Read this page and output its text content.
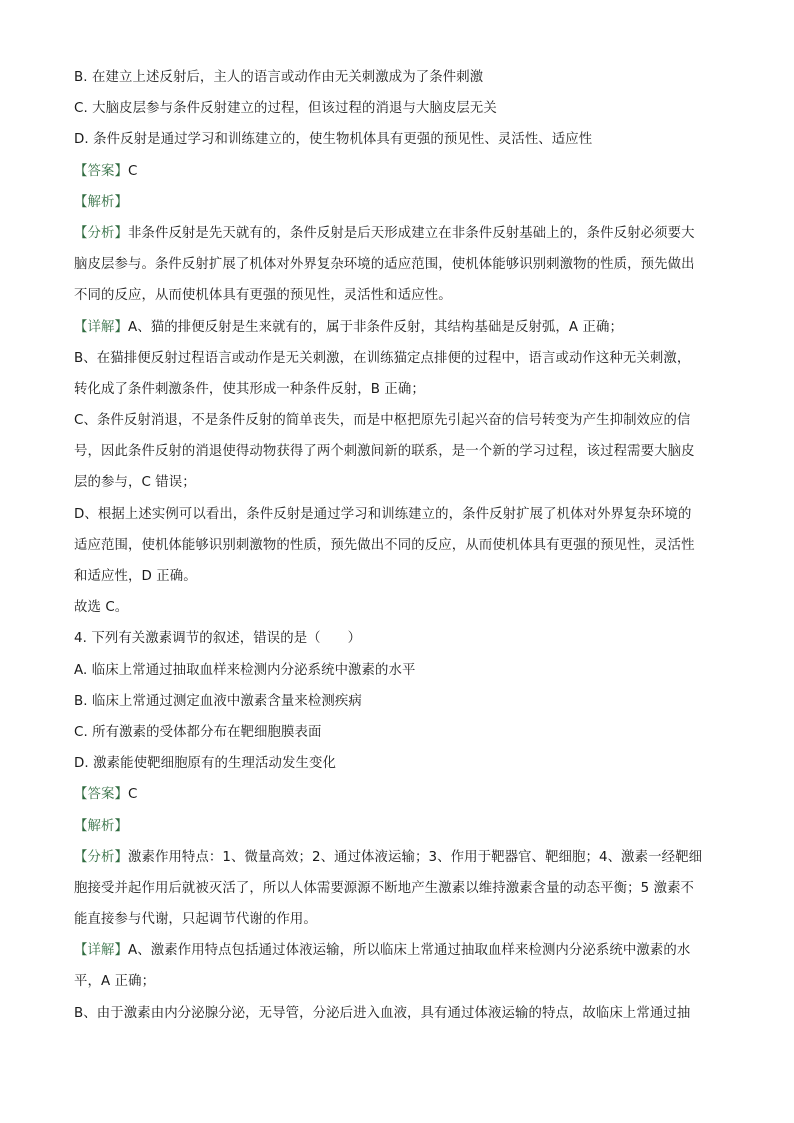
B. 在建立上述反射后，主人的语言或动作由无关刺激成为了条件刺激
C. 大脑皮层参与条件反射建立的过程，但该过程的消退与大脑皮层无关
D. 条件反射是通过学习和训练建立的，使生物机体具有更强的预见性、灵活性、适应性
【答案】C
【解析】
【分析】非条件反射是先天就有的，条件反射是后天形成建立在非条件反射基础上的，条件反射必须要大
脑皮层参与。条件反射扩展了机体对外界复杂环境的适应范围，使机体能够识别刺激物的性质，预先做出
不同的反应，从而使机体具有更强的预见性，灵活性和适应性。
【详解】A、猫的排便反射是生来就有的，属于非条件反射，其结构基础是反射弧，A 正确；
B、在猫排便反射过程语言或动作是无关刺激，在训练猫定点排便的过程中，语言或动作这种无关刺激，
转化成了条件刺激条件，使其形成一种条件反射，B 正确；
C、条件反射消退，不是条件反射的简单丧失，而是中枢把原先引起兴奋的信号转变为产生抑制效应的信
号，因此条件反射的消退使得动物获得了两个刺激间新的联系，是一个新的学习过程，该过程需要大脑皮
层的参与，C 错误；
D、根据上述实例可以看出，条件反射是通过学习和训练建立的，条件反射扩展了机体对外界复杂环境的
适应范围，使机体能够识别刺激物的性质，预先做出不同的反应，从而使机体具有更强的预见性，灵活性
和适应性，D 正确。
故选 C。
4. 下列有关激素调节的叙述，错误的是（　　）
A. 临床上常通过抽取血样来检测内分泌系统中激素的水平
B. 临床上常通过测定血液中激素含量来检测疾病
C. 所有激素的受体都分布在靶细胞膜表面
D. 激素能使靶细胞原有的生理活动发生变化
【答案】C
【解析】
【分析】激素作用特点：1、微量高效；2、通过体液运输；3、作用于靶器官、靶细胞；4、激素一经靶细
胞接受并起作用后就被灭活了，所以人体需要源源不断地产生激素以维持激素含量的动态平衡；5 激素不
能直接参与代谢，只起调节代谢的作用。
【详解】A、激素作用特点包括通过体液运输，所以临床上常通过抽取血样来检测内分泌系统中激素的水
平，A 正确；
B、由于激素由内分泌腺分泌，无导管，分泌后进入血液，具有通过体液运输的特点，故临床上常通过抽
